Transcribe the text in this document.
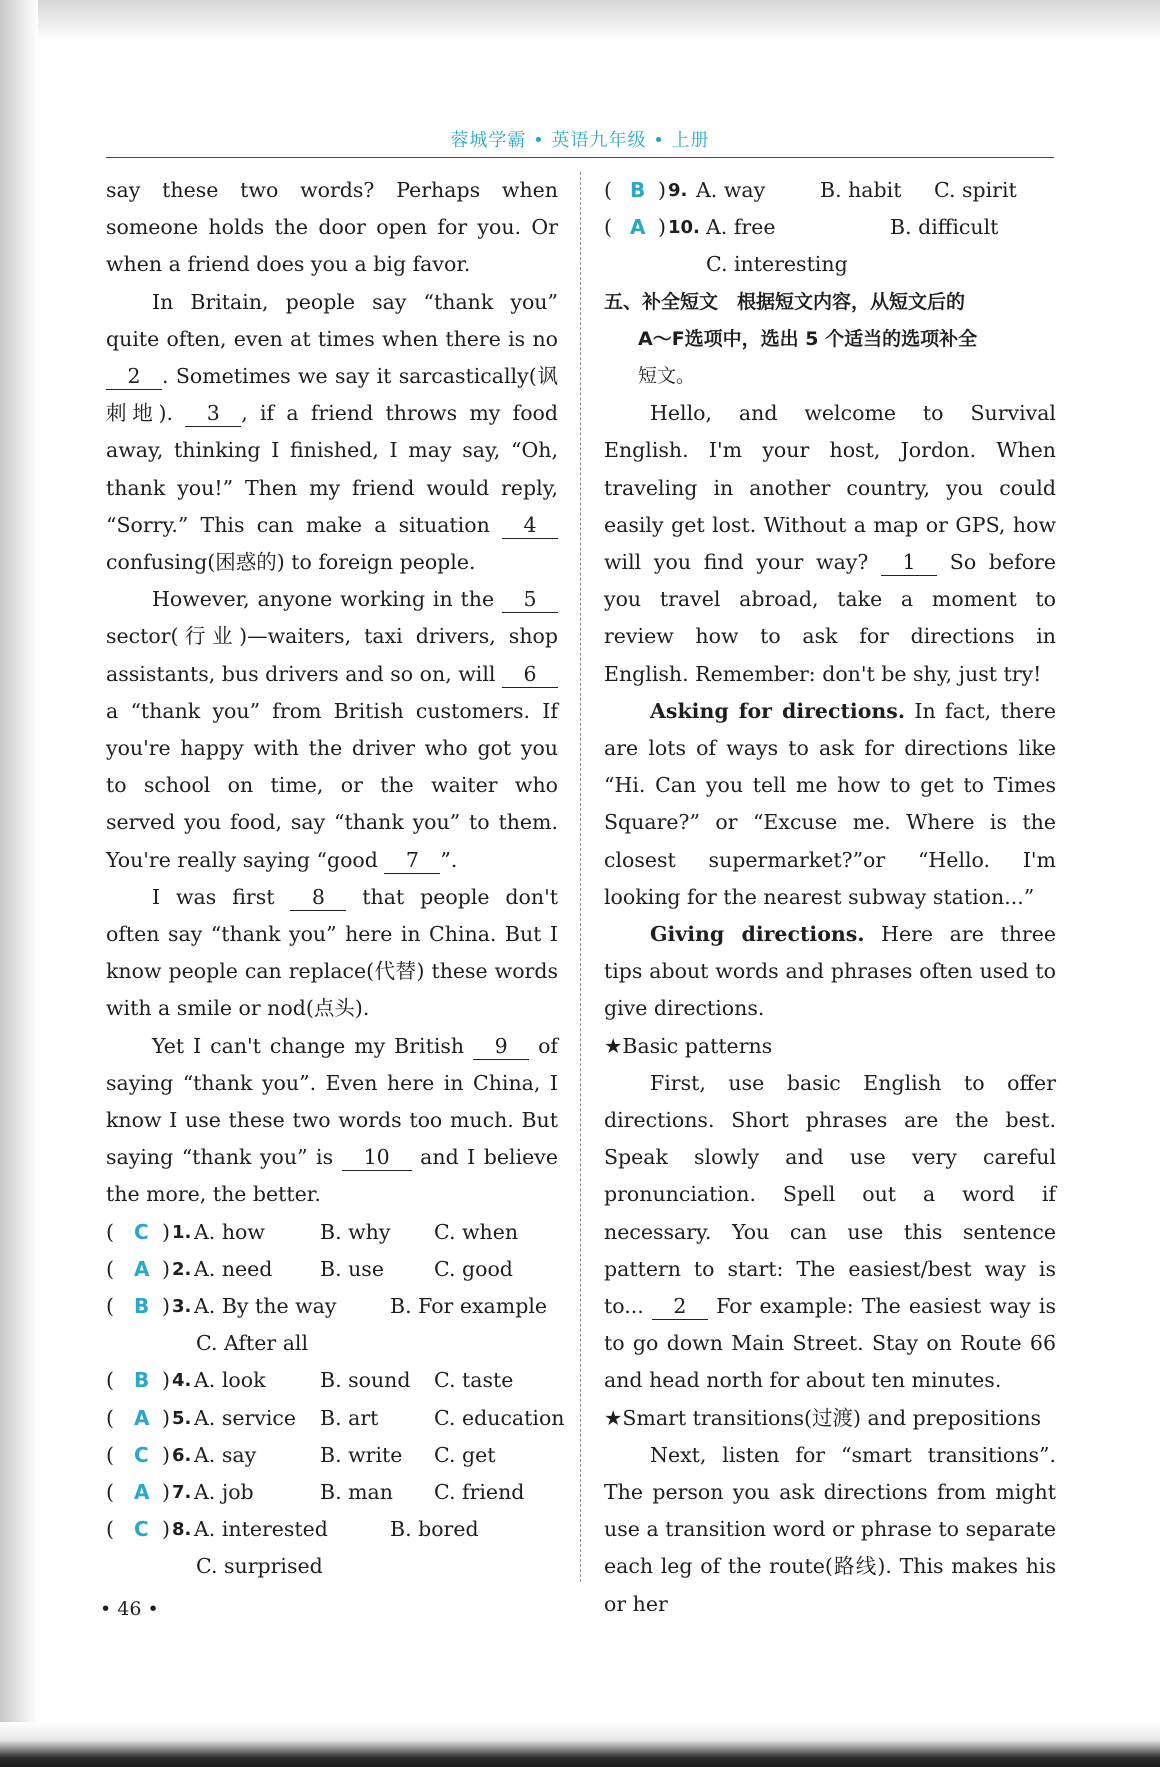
蓉城学霸 • 英语九年级 • 上册

say these two words? Perhaps when someone holds the door open for you. Or when a friend does you a big favor.

In Britain, people say “thank you” quite often, even at times when there is no 2 . Sometimes we say it sarcastically(讽刺地). 3 , if a friend throws my food away, thinking I finished, I may say, “Oh, thank you!” Then my friend would reply, “Sorry.” This can make a situation 4confusing(困惑的) to foreign people.

However, anyone working in the 5 sector(行业)—waiters, taxi drivers, shop assistants, bus drivers and so on, will 6 a “thank you” from British customers. If you're happy with the driver who got you to school on time, or the waiter who served you food, say “thank you” to them. You're really saying “good 7 ”.

I was first 8 that people don't often say “thank you” here in China. But I know people can replace(代替) these words with a smile or nod(点头).

Yet I can't change my British 9 of saying “thank you”. Even here in China, I know I use these two words too much. But saying “thank you” is 10 and I believe the more, the better.

( C ) 1. A. how	B. why C. when
( A ) 2. A. need B. use C. good
( B ) 3. A. By the way	B. For example
C. After all
( B ) 4. A. look	B. sound C. taste
( A ) 5. A. service B. art	C. education
( C ) 6. A. say	B. write C. get
( A ) 7. A. job	B. man C. friend
( C ) 8. A. interested	B. bored
C. surprised
( B ) 9. A. way	B. habit C. spirit
( A ) 10. A. free	B. difficult
C. interesting
五、补全短文　根据短文内容，从短文后的
A～F选项中，选出 5 个适当的选项补全
短文。

Hello, and welcome to Survival English. I'm your host, Jordon. When traveling in another country, you could easily get lost. Without a map or GPS, how will you find your way? 1 So before you travel abroad, take a moment to review how to ask for directions in English. Remember: don't be shy, just try!

Asking for directions. In fact, there are lots of ways to ask for directions like “Hi. Can you tell me how to get to Times Square?” or “Excuse me. Where is the closest supermarket?”or “Hello. I'm looking for the nearest subway station...”

Giving directions. Here are three tips about words and phrases often used to give directions.

★Basic patterns

First, use basic English to offer directions. Short phrases are the best. Speak slowly and use very careful pronunciation. Spell out a word if necessary. You can use this sentence pattern to start: The easiest/best way is to... 2 For example: The easiest way is to go down Main Street. Stay on Route 66 and head north for about ten minutes.

★Smart transitions(过渡) and prepositions

Next, listen for “smart transitions”. The person you ask directions from might use a transition word or phrase to separate each leg of the route(路线). This makes his or her

• 46 •
